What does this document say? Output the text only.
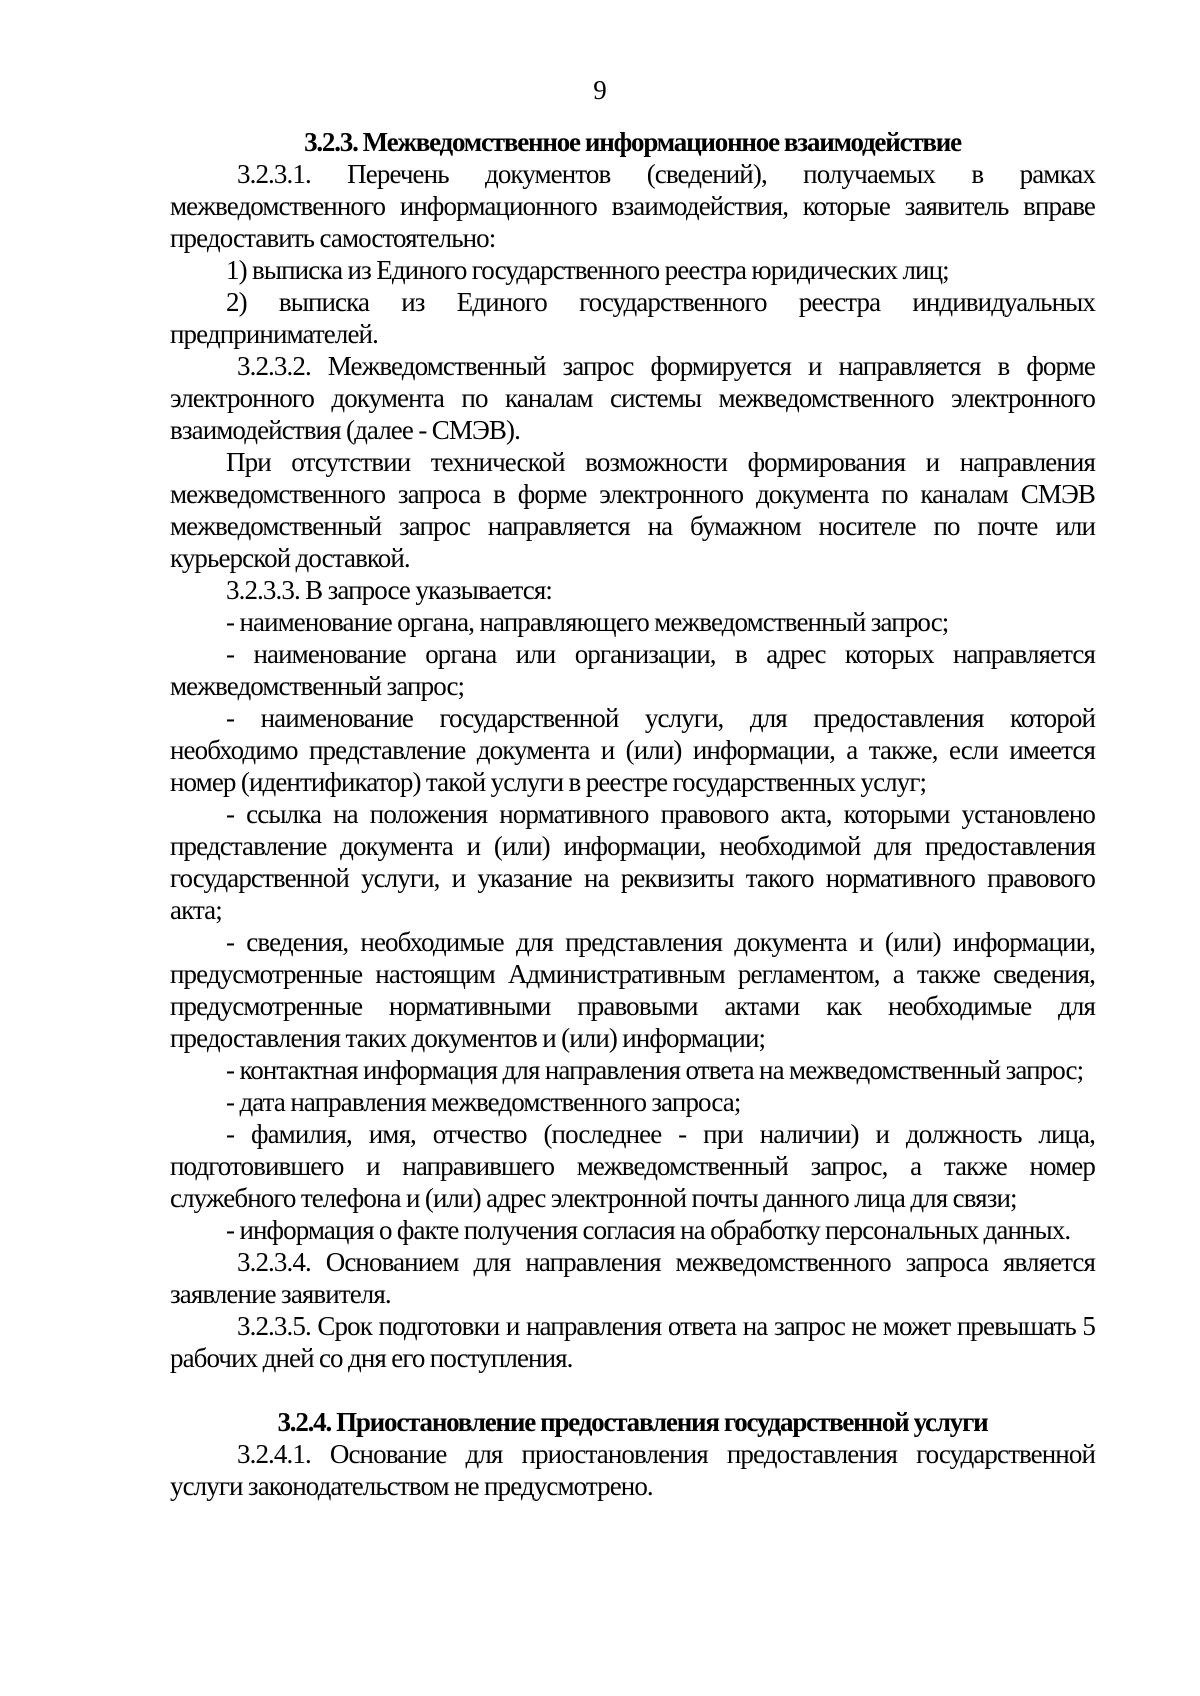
9

3.2.3. Межведомственное информационное взаимодействие

3.2.3.1. Перечень документов (сведений), получаемых в рамках межведомственного информационного взаимодействия, которые заявитель вправе предоставить самостоятельно:

1) выписка из Единого государственного реестра юридических лиц;

2) выписка из Единого государственного реестра индивидуальных предпринимателей.

3.2.3.2. Межведомственный запрос формируется и направляется в форме электронного документа по каналам системы межведомственного электронного взаимодействия (далее - СМЭВ).

При отсутствии технической возможности формирования и направления межведомственного запроса в форме электронного документа по каналам СМЭВ межведомственный запрос направляется на бумажном носителе по почте или курьерской доставкой.

3.2.3.3. В запросе указывается:

- наименование органа, направляющего межведомственный запрос;

- наименование органа или организации, в адрес которых направляется межведомственный запрос;

- наименование государственной услуги, для предоставления которой необходимо представление документа и (или) информации, а также, если имеется номер (идентификатор) такой услуги в реестре государственных услуг;

- ссылка на положения нормативного правового акта, которыми установлено представление документа и (или) информации, необходимой для предоставления государственной услуги, и указание на реквизиты такого нормативного правового акта;

- сведения, необходимые для представления документа и (или) информации, предусмотренные настоящим Административным регламентом, а также сведения, предусмотренные нормативными правовыми актами как необходимые для предоставления таких документов и (или) информации;

- контактная информация для направления ответа на межведомственный запрос;

- дата направления межведомственного запроса;

- фамилия, имя, отчество (последнее - при наличии) и должность лица, подготовившего и направившего межведомственный запрос, а также номер служебного телефона и (или) адрес электронной почты данного лица для связи;

- информация о факте получения согласия на обработку персональных данных.

3.2.3.4. Основанием для направления межведомственного запроса является заявление заявителя.

3.2.3.5. Срок подготовки и направления ответа на запрос не может превышать 5 рабочих дней со дня его поступления.

3.2.4. Приостановление предоставления государственной услуги

3.2.4.1. Основание для приостановления предоставления государственной услуги законодательством не предусмотрено.
